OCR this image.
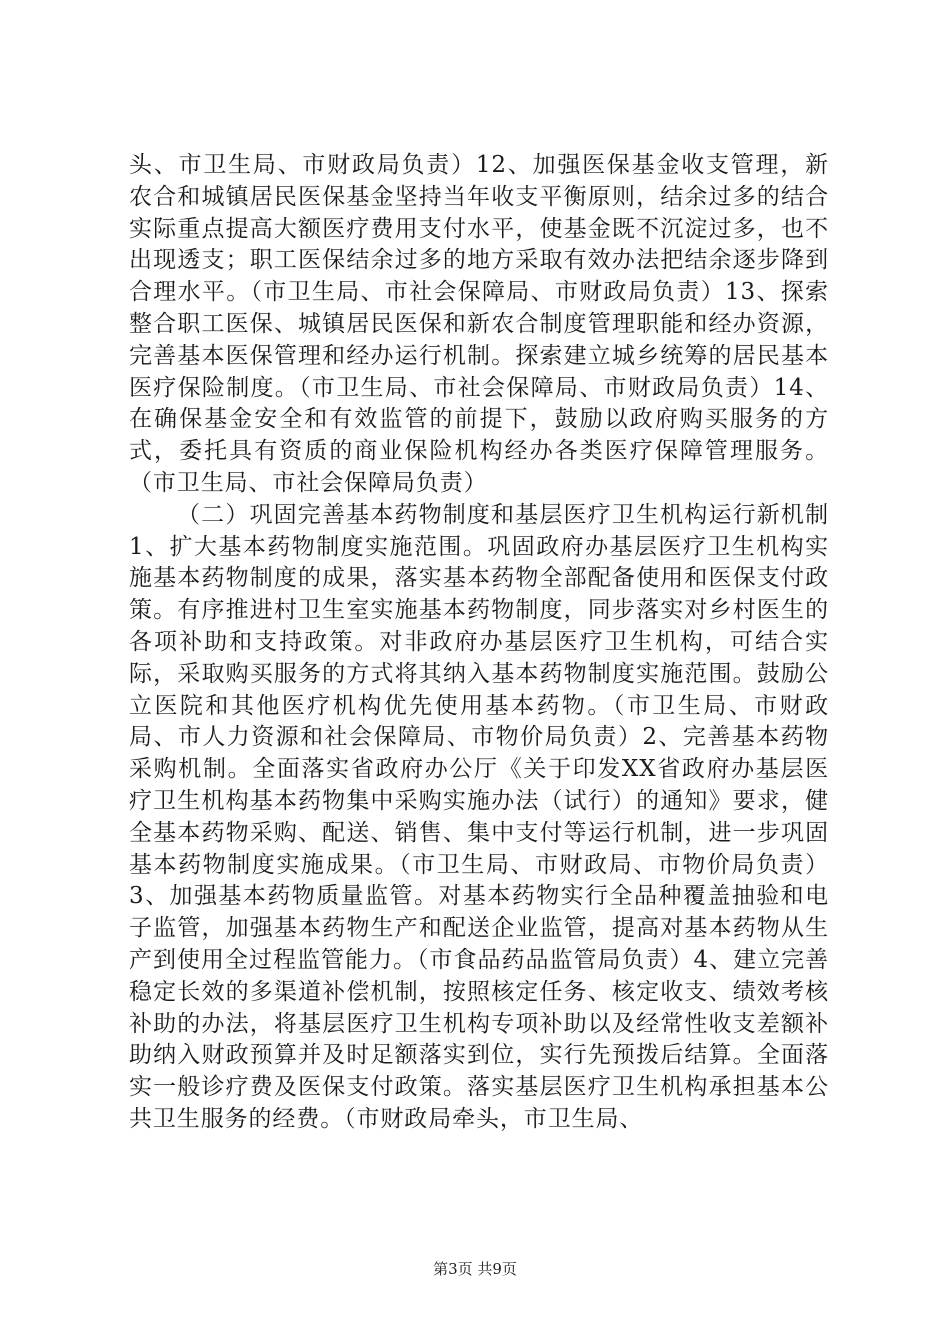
头、市卫生局、市财政局负责）12、加强医保基金收支管理，新农合和城镇居民医保基金坚持当年收支平衡原则，结余过多的结合实际重点提高大额医疗费用支付水平，使基金既不沉淀过多，也不出现透支；职工医保结余过多的地方采取有效办法把结余逐步降到合理水平。（市卫生局、市社会保障局、市财政局负责）13、探索整合职工医保、城镇居民医保和新农合制度管理职能和经办资源，完善基本医保管理和经办运行机制。探索建立城乡统筹的居民基本医疗保险制度。（市卫生局、市社会保障局、市财政局负责）14、在确保基金安全和有效监管的前提下，鼓励以政府购买服务的方式，委托具有资质的商业保险机构经办各类医疗保障管理服务。（市卫生局、市社会保障局负责）

（二）巩固完善基本药物制度和基层医疗卫生机构运行新机制 1、扩大基本药物制度实施范围。巩固政府办基层医疗卫生机构实施基本药物制度的成果，落实基本药物全部配备使用和医保支付政策。有序推进村卫生室实施基本药物制度，同步落实对乡村医生的各项补助和支持政策。对非政府办基层医疗卫生机构，可结合实际，采取购买服务的方式将其纳入基本药物制度实施范围。鼓励公立医院和其他医疗机构优先使用基本药物。（市卫生局、市财政局、市人力资源和社会保障局、市物价局负责）2、完善基本药物采购机制。全面落实省政府办公厅《关于印发XX省政府办基层医疗卫生机构基本药物集中采购实施办法（试行）的通知》要求，健全基本药物采购、配送、销售、集中支付等运行机制，进一步巩固基本药物制度实施成果。（市卫生局、市财政局、市物价局负责）3、加强基本药物质量监管。对基本药物实行全品种覆盖抽验和电子监管，加强基本药物生产和配送企业监管，提高对基本药物从生产到使用全过程监管能力。（市食品药品监管局负责）4、建立完善稳定长效的多渠道补偿机制，按照核定任务、核定收支、绩效考核补助的办法，将基层医疗卫生机构专项补助以及经常性收支差额补助纳入财政预算并及时足额落实到位，实行先预拨后结算。全面落实一般诊疗费及医保支付政策。落实基层医疗卫生机构承担基本公共卫生服务的经费。（市财政局牵头，市卫生局、

第3页 共9页
